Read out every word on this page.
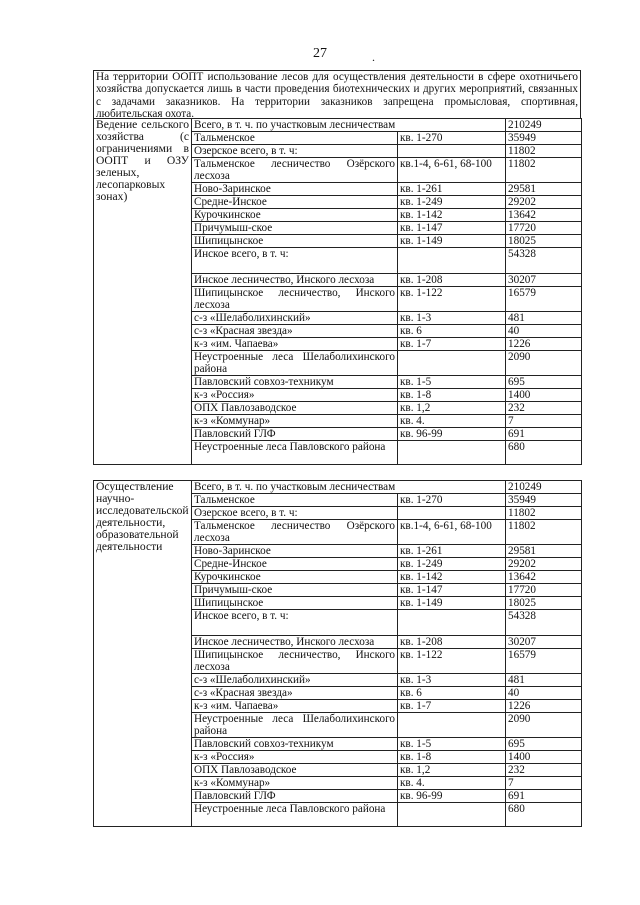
27	.
На территории ООПТ использование лесов для осуществления деятельности в сфере охотничьего хозяйства допускается лишь в части проведения биотехнических и других мероприятий, связанных с задачами заказников. На территории заказников запрещена промысловая, спортивная, любительская охота.
Ведение сельского хозяйства (с ограничениями в ООПТ и ОЗУ зеленых, лесопарковых зонах)	Всего, в т. ч. по участковым лесничествам		210249
	Тальменское	кв. 1-270	35949
	Озерское всего, в т. ч:		11802
	Тальменское лесничество Озёрского лесхоза	кв.1-4, 6-61, 68-100	11802
	Ново-Заринское	кв. 1-261	29581
	Средне-Инское	кв. 1-249	29202
	Курочкинское	кв. 1-142	13642
	Причумыш-ское	кв. 1-147	17720
	Шипицынское	кв. 1-149	18025
	Инское всего, в т. ч:		54328
	Инское лесничество, Инского лесхоза	кв. 1-208	30207
	Шипицынское лесничество, Инского лесхоза	кв. 1-122	16579
	с-з «Шелаболихинский»	кв. 1-3	481
	с-з «Красная звезда»	кв. 6	40
	к-з «им. Чапаева»	кв. 1-7	1226
	Неустроенные леса Шелаболихинского района		2090
	Павловский совхоз-техникум	кв. 1-5	695
	к-з «Россия»	кв. 1-8	1400
	ОПХ Павлозаводское	кв. 1,2	232
	к-з «Коммунар»	кв. 4.	7
	Павловский ГЛФ	кв. 96-99	691
	Неустроенные леса Павловского района		680
Осуществление научно-исследовательской деятельности, образовательной деятельности	Всего, в т. ч. по участковым лесничествам		210249
	Тальменское	кв. 1-270	35949
	Озерское всего, в т. ч:		11802
	Тальменское лесничество Озёрского лесхоза	кв.1-4, 6-61, 68-100	11802
	Ново-Заринское	кв. 1-261	29581
	Средне-Инское	кв. 1-249	29202
	Курочкинское	кв. 1-142	13642
	Причумыш-ское	кв. 1-147	17720
	Шипицынское	кв. 1-149	18025
	Инское всего, в т. ч:		54328
	Инское лесничество, Инского лесхоза	кв. 1-208	30207
	Шипицынское лесничество, Инского лесхоза	кв. 1-122	16579
	с-з «Шелаболихинский»	кв. 1-3	481
	с-з «Красная звезда»	кв. 6	40
	к-з «им. Чапаева»	кв. 1-7	1226
	Неустроенные леса Шелаболихинского района		2090
	Павловский совхоз-техникум	кв. 1-5	695
	к-з «Россия»	кв. 1-8	1400
	ОПХ Павлозаводское	кв. 1,2	232
	к-з «Коммунар»	кв. 4.	7
	Павловский ГЛФ	кв. 96-99	691
	Неустроенные леса Павловского района		680
